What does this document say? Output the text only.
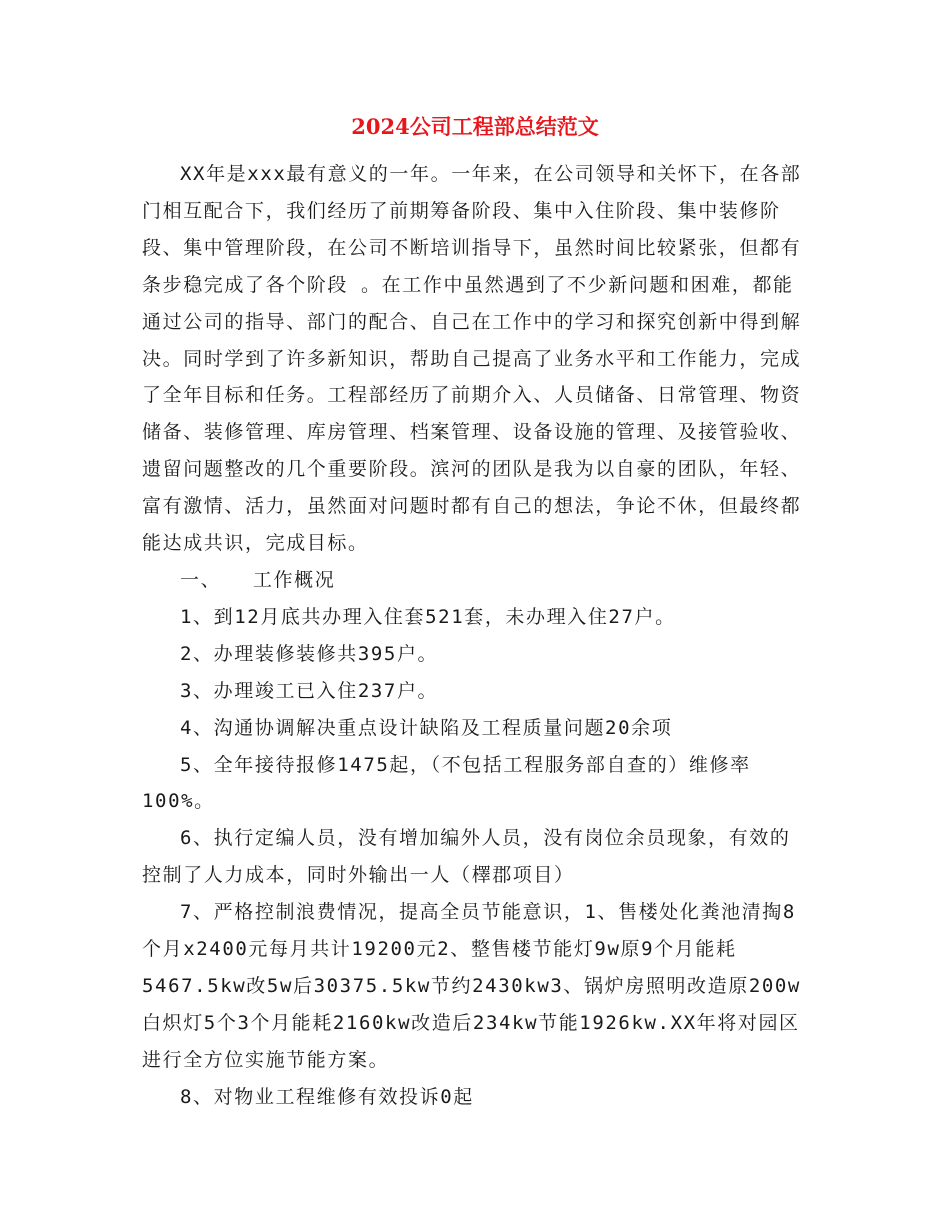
2024公司工程部总结范文

XX年是xxx最有意义的一年。一年来，在公司领导和关怀下，在各部门相互配合下，我们经历了前期筹备阶段、集中入住阶段、集中装修阶段、集中管理阶段，在公司不断培训指导下，虽然时间比较紧张，但都有条步稳完成了各个阶段 。在工作中虽然遇到了不少新问题和困难，都能通过公司的指导、部门的配合、自己在工作中的学习和探究创新中得到解决。同时学到了许多新知识，帮助自己提高了业务水平和工作能力，完成了全年目标和任务。工程部经历了前期介入、人员储备、日常管理、物资储备、装修管理、库房管理、档案管理、设备设施的管理、及接管验收、遗留问题整改的几个重要阶段。滨河的团队是我为以自豪的团队，年轻、富有激情、活力，虽然面对问题时都有自己的想法，争论不休，但最终都能达成共识，完成目标。

一、　　工作概况

1、到12月底共办理入住套521套，未办理入住27户。

2、办理装修装修共395户。

3、办理竣工已入住237户。

4、沟通协调解决重点设计缺陷及工程质量问题20余项

5、全年接待报修1475起，（不包括工程服务部自查的）维修率100%。

6、执行定编人员，没有增加编外人员，没有岗位余员现象，有效的控制了人力成本，同时外输出一人（檡郡项目）

7、严格控制浪费情况，提高全员节能意识，1、售楼处化粪池清掏8个月x2400元每月共计19200元2、整售楼节能灯9w原9个月能耗5467.5kw改5w后30375.5kw节约2430kw3、锅炉房照明改造原200w白炽灯5个3个月能耗2160kw改造后234kw节能1926kw.XX年将对园区进行全方位实施节能方案。

8、对物业工程维修有效投诉0起
